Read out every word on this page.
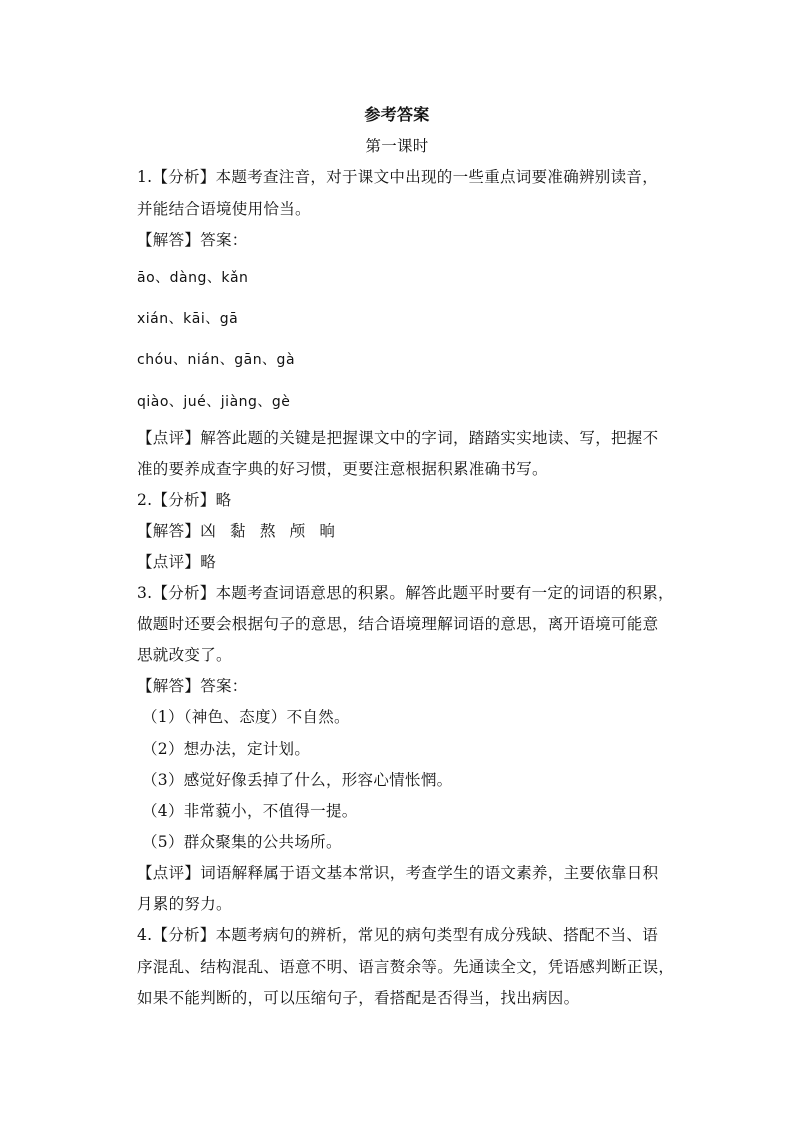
参考答案
第一课时
1.【分析】本题考查注音，对于课文中出现的一些重点词要准确辨别读音，
并能结合语境使用恰当。
【解答】答案：
āo、dàng、kǎn
xián、kāi、gā
chóu、nián、gān、gà
qiào、jué、jiàng、gè
【点评】解答此题的关键是把握课文中的字词，踏踏实实地读、写，把握不
准的要养成查字典的好习惯，更要注意根据积累准确书写。
2.【分析】略
【解答】凶 黏 熬 颅 晌
【点评】略
3.【分析】本题考查词语意思的积累。解答此题平时要有一定的词语的积累，
做题时还要会根据句子的意思，结合语境理解词语的意思，离开语境可能意
思就改变了。
【解答】答案：
（1）（神色、态度）不自然。
（2）想办法，定计划。
（3）感觉好像丢掉了什么，形容心情怅惘。
（4）非常藐小，不值得一提。
（5）群众聚集的公共场所。
【点评】词语解释属于语文基本常识，考查学生的语文素养，主要依靠日积
月累的努力。
4.【分析】本题考病句的辨析，常见的病句类型有成分残缺、搭配不当、语
序混乱、结构混乱、语意不明、语言赘余等。先通读全文，凭语感判断正误，
如果不能判断的，可以压缩句子，看搭配是否得当，找出病因。
